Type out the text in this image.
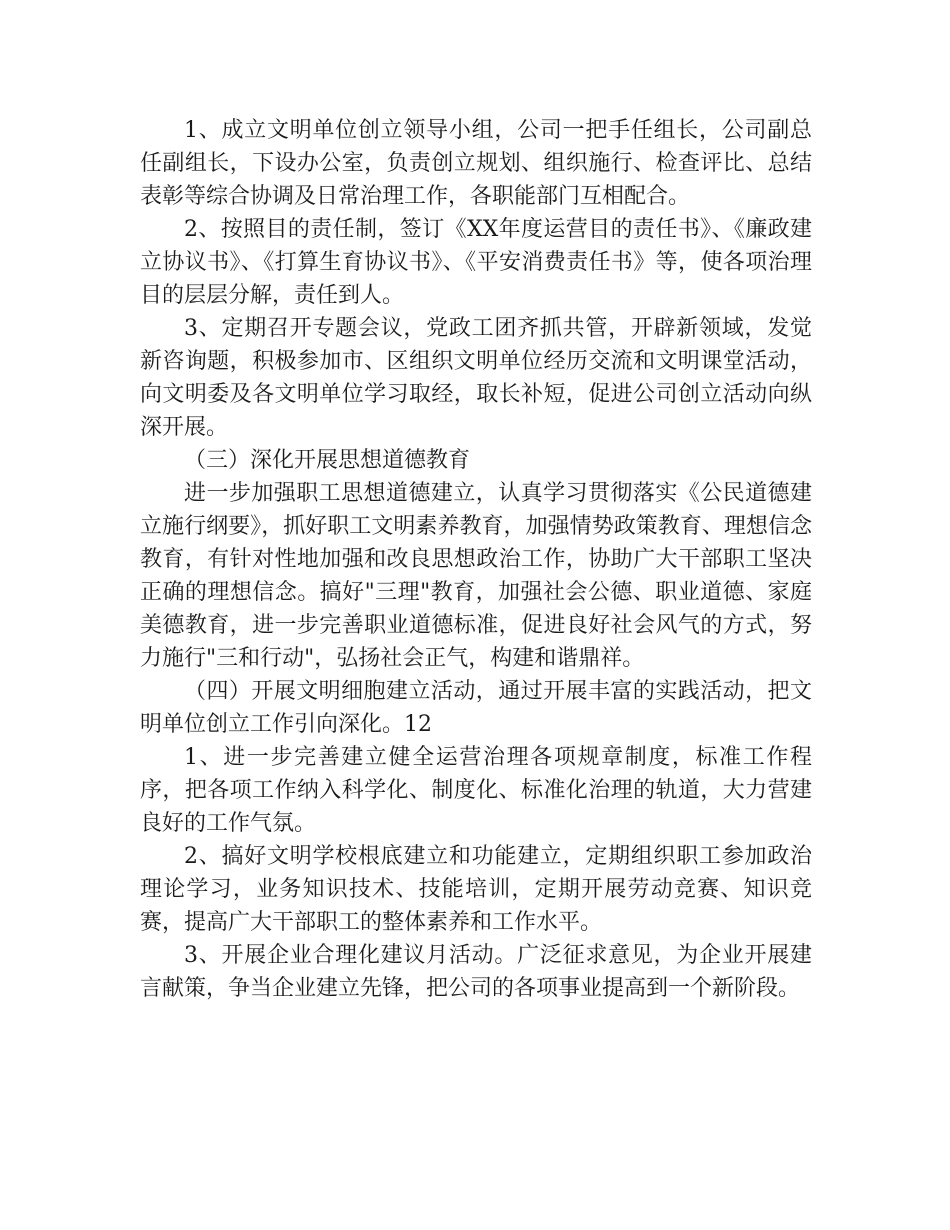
1、成立文明单位创立领导小组，公司一把手任组长，公司副总任副组长，下设办公室，负责创立规划、组织施行、检查评比、总结表彰等综合协调及日常治理工作，各职能部门互相配合。

2、按照目的责任制，签订《XX年度运营目的责任书》、《廉政建立协议书》、《打算生育协议书》、《平安消费责任书》等，使各项治理目的层层分解，责任到人。

3、定期召开专题会议，党政工团齐抓共管，开辟新领域，发觉新咨询题，积极参加市、区组织文明单位经历交流和文明课堂活动，向文明委及各文明单位学习取经，取长补短，促进公司创立活动向纵深开展。

（三）深化开展思想道德教育

进一步加强职工思想道德建立，认真学习贯彻落实《公民道德建立施行纲要》，抓好职工文明素养教育，加强情势政策教育、理想信念教育，有针对性地加强和改良思想政治工作，协助广大干部职工坚决正确的理想信念。搞好"三理"教育，加强社会公德、职业道德、家庭美德教育，进一步完善职业道德标准，促进良好社会风气的方式，努力施行"三和行动"，弘扬社会正气，构建和谐鼎祥。

（四）开展文明细胞建立活动，通过开展丰富的实践活动，把文明单位创立工作引向深化。12

1、进一步完善建立健全运营治理各项规章制度，标准工作程序，把各项工作纳入科学化、制度化、标准化治理的轨道，大力营建良好的工作气氛。

2、搞好文明学校根底建立和功能建立，定期组织职工参加政治理论学习，业务知识技术、技能培训，定期开展劳动竞赛、知识竞赛，提高广大干部职工的整体素养和工作水平。

3、开展企业合理化建议月活动。广泛征求意见，为企业开展建言献策，争当企业建立先锋，把公司的各项事业提高到一个新阶段。
